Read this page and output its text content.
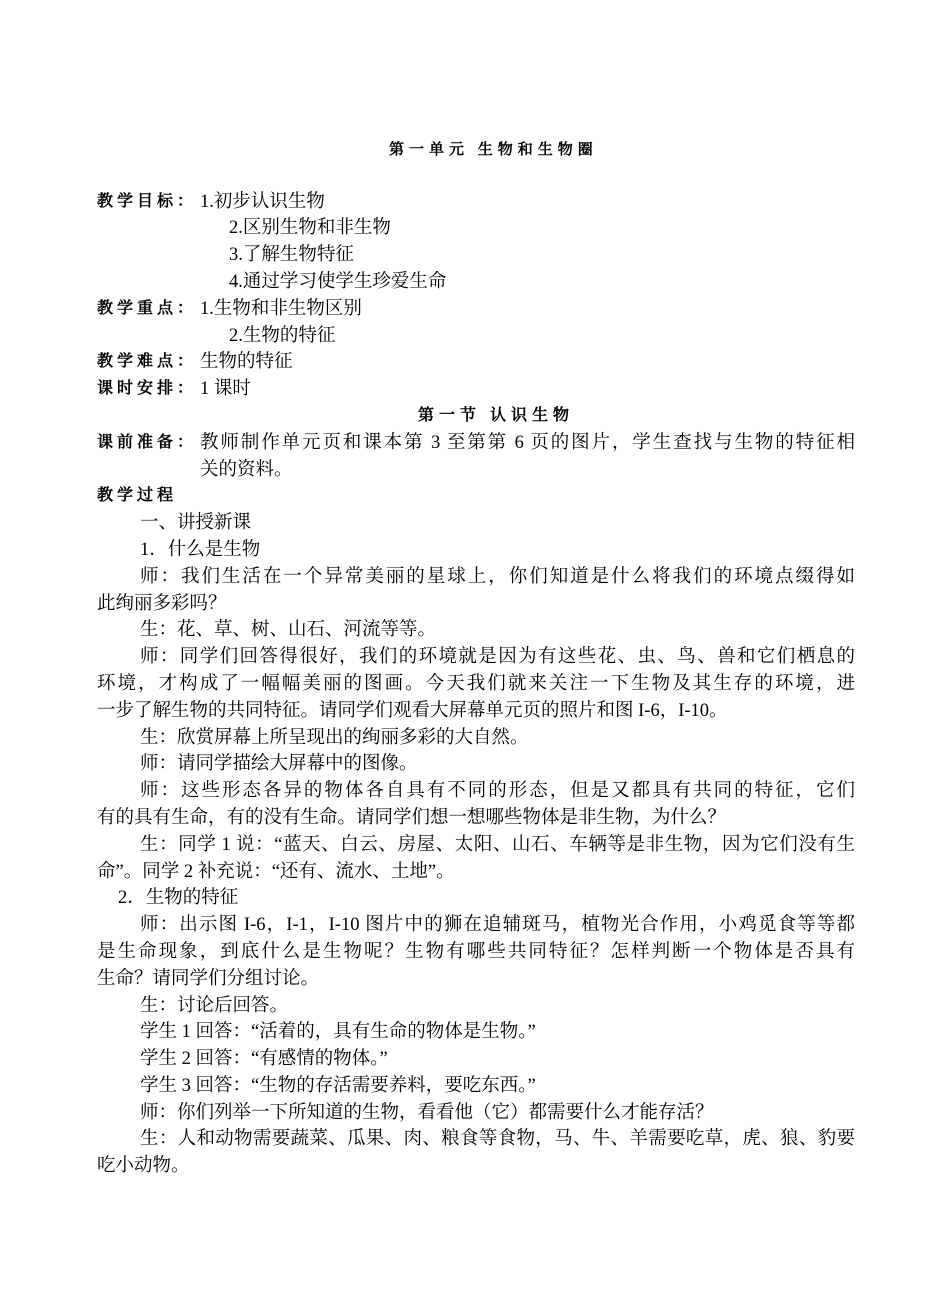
第一单元 生物和生物圈
教学目标： 1.初步认识生物
2.区别生物和非生物
3.了解生物特征
4.通过学习使学生珍爱生命
教学重点： 1.生物和非生物区别
2.生物的特征
教学难点： 生物的特征
课时安排： 1 课时
第一节 认识生物
课前准备： 教师制作单元页和课本第 3 至第第 6 页的图片，学生查找与生物的特征相
关的资料。
教学过程
一、讲授新课
1．什么是生物
师：我们生活在一个异常美丽的星球上，你们知道是什么将我们的环境点缀得如
此绚丽多彩吗？
生：花、草、树、山石、河流等等。
师：同学们回答得很好，我们的环境就是因为有这些花、虫、鸟、兽和它们栖息的
环境，才构成了一幅幅美丽的图画。今天我们就来关注一下生物及其生存的环境，进
一步了解生物的共同特征。请同学们观看大屏幕单元页的照片和图 I-6，I-10。
生：欣赏屏幕上所呈现出的绚丽多彩的大自然。
师：请同学描绘大屏幕中的图像。
师：这些形态各异的物体各自具有不同的形态，但是又都具有共同的特征，它们
有的具有生命，有的没有生命。请同学们想一想哪些物体是非生物，为什么？
生：同学 1 说：“蓝天、白云、房屋、太阳、山石、车辆等是非生物，因为它们没有生
命”。同学 2 补充说：“还有、流水、土地”。
2．生物的特征
师：出示图 I-6，I-1，I-10 图片中的狮在追辅斑马，植物光合作用，小鸡觅食等等都
是生命现象，到底什么是生物呢？生物有哪些共同特征？怎样判断一个物体是否具有
生命？请同学们分组讨论。
生：讨论后回答。
学生 1 回答：“活着的，具有生命的物体是生物。”
学生 2 回答：“有感情的物体。”
学生 3 回答：“生物的存活需要养料，要吃东西。”
师：你们列举一下所知道的生物，看看他（它）都需要什么才能存活？
生：人和动物需要蔬菜、瓜果、肉、粮食等食物，马、牛、羊需要吃草，虎、狼、豹要
吃小动物。
